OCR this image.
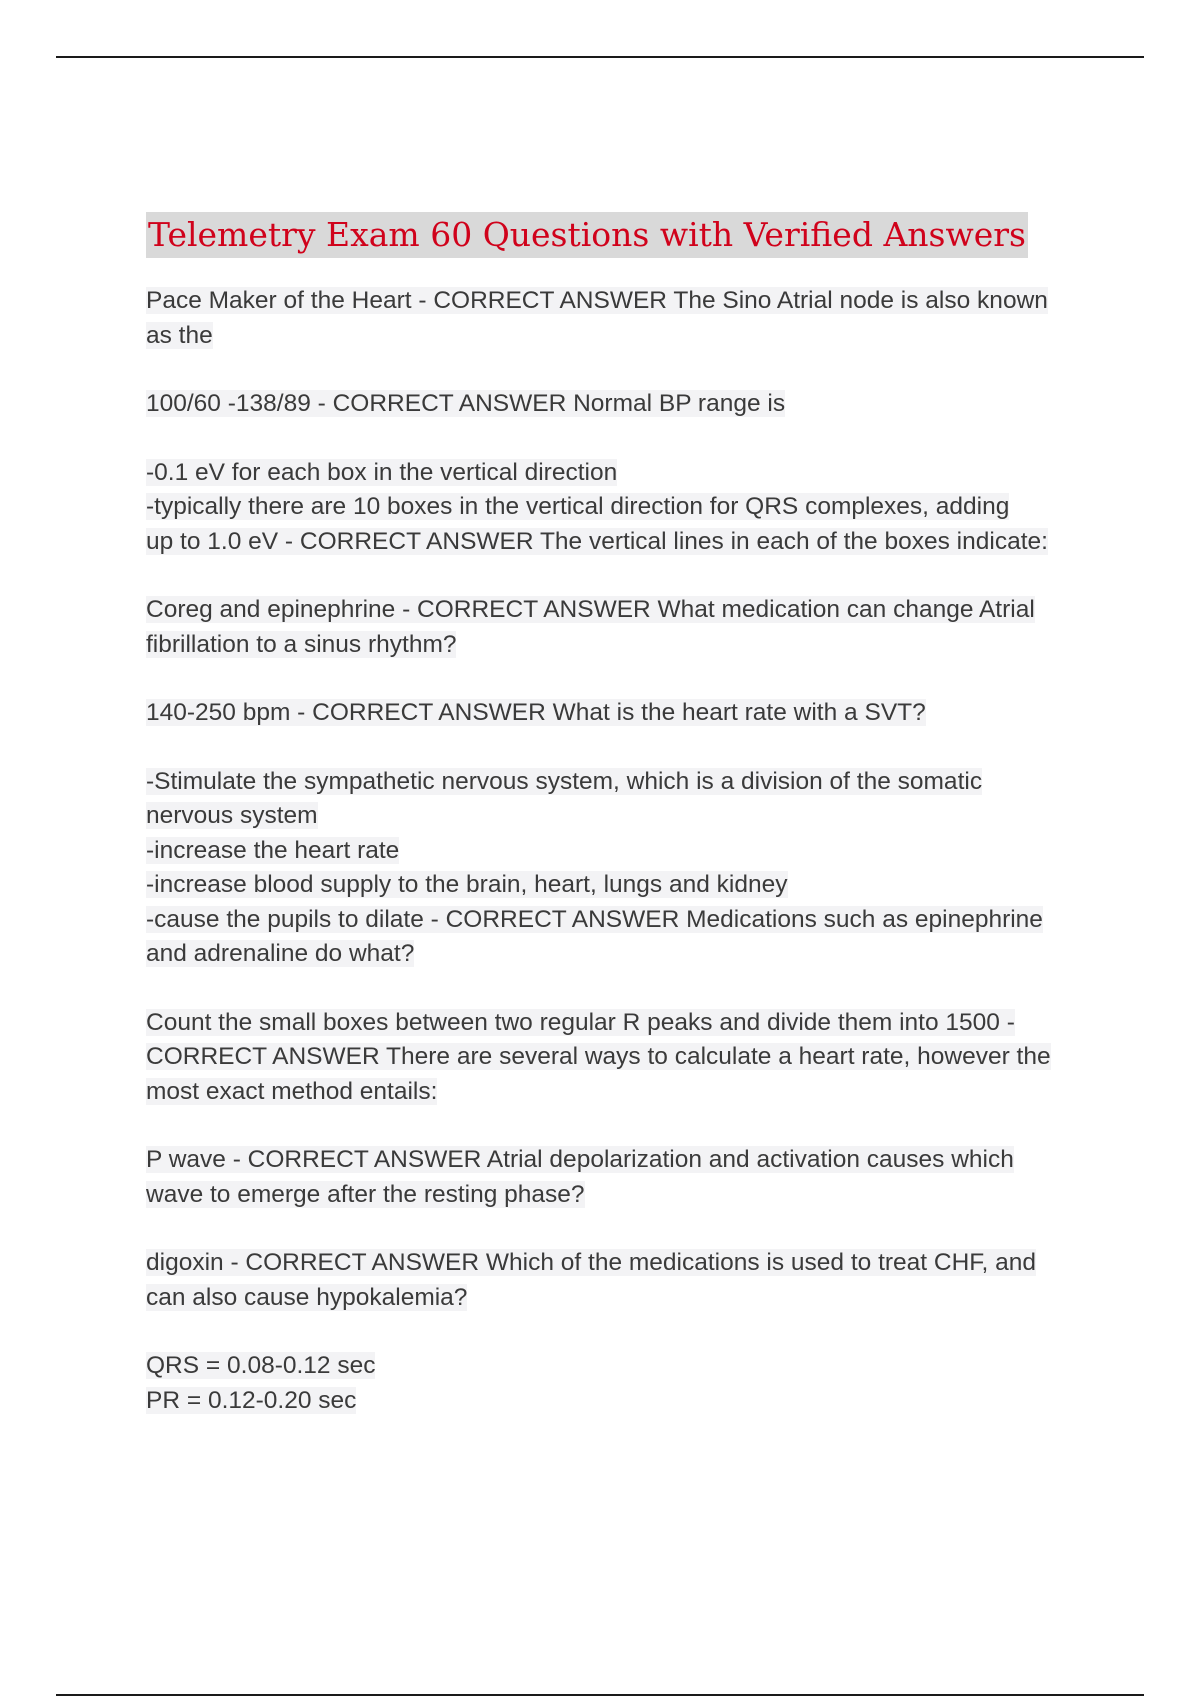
Telemetry Exam 60 Questions with Verified Answers
Pace Maker of the Heart - CORRECT ANSWER The Sino Atrial node is also known
as the
100/60 -138/89 - CORRECT ANSWER Normal BP range is
-0.1 eV for each box in the vertical direction
-typically there are 10 boxes in the vertical direction for QRS complexes, adding
up to 1.0 eV - CORRECT ANSWER The vertical lines in each of the boxes indicate:
Coreg and epinephrine - CORRECT ANSWER What medication can change Atrial
fibrillation to a sinus rhythm?
140-250 bpm - CORRECT ANSWER What is the heart rate with a SVT?
-Stimulate the sympathetic nervous system, which is a division of the somatic
nervous system
-increase the heart rate
-increase blood supply to the brain, heart, lungs and kidney
-cause the pupils to dilate - CORRECT ANSWER Medications such as epinephrine
and adrenaline do what?
Count the small boxes between two regular R peaks and divide them into 1500 -
CORRECT ANSWER There are several ways to calculate a heart rate, however the
most exact method entails:
P wave - CORRECT ANSWER Atrial depolarization and activation causes which
wave to emerge after the resting phase?
digoxin - CORRECT ANSWER Which of the medications is used to treat CHF, and
can also cause hypokalemia?
QRS = 0.08-0.12 sec
PR = 0.12-0.20 sec
